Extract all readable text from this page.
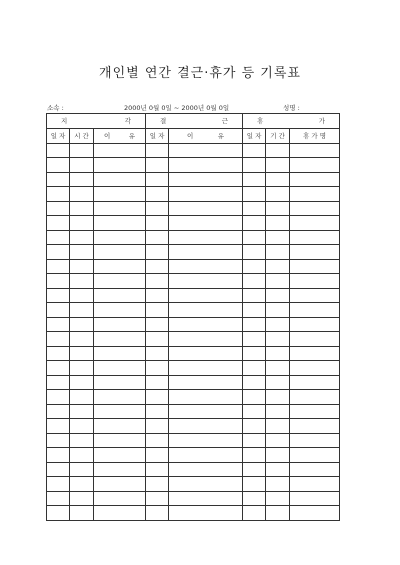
개인별 연간 결근·휴가 등 기록표
소속 :	2000년 0월 0일 ~ 2000년 0월 0일	성명 :
지 각			결 근		휴 가		

일 자	시 간	이 유	일 자	이 유	일 자	기 간	휴 가 명
